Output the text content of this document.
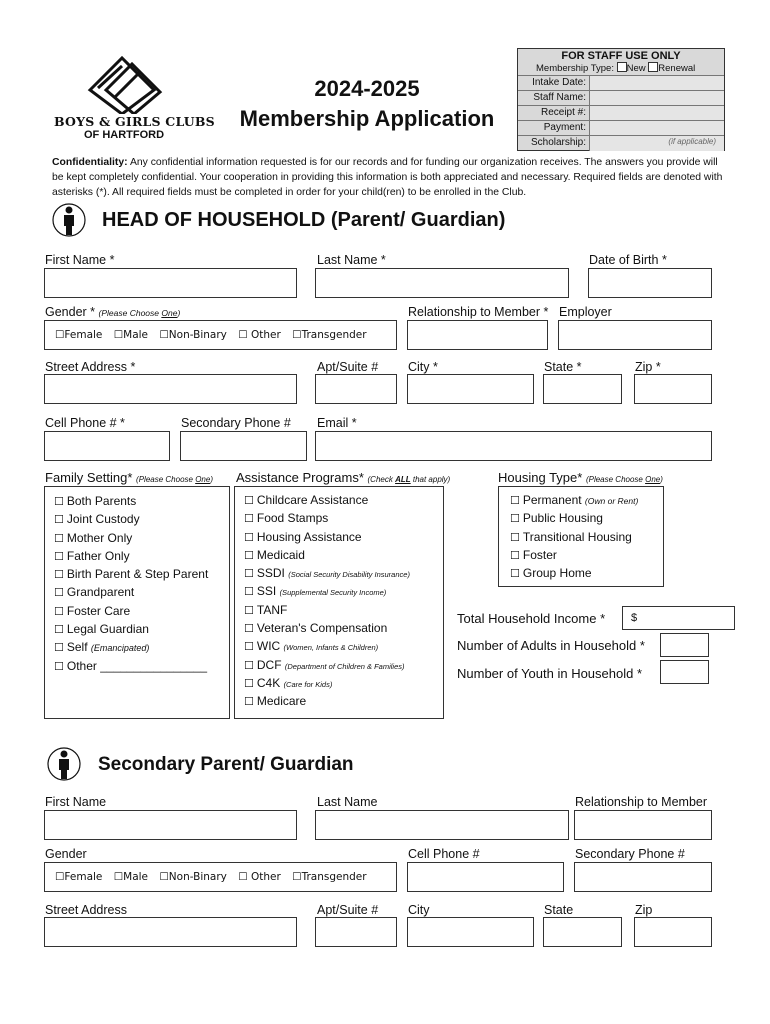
BOYS & GIRLS CLUBS
OF HARTFORD
2024-2025
Membership Application
FOR STAFF USE ONLY
Membership Type: New Renewal
Intake Date:
Staff Name:
Receipt #:
Payment:
Scholarship:	(if applicable)
Confidentiality: Any confidential information requested is for our records and for funding our organization receives. The answers you provide will be kept completely confidential. Your cooperation in providing this information is both appreciated and necessary. Required fields are denoted with asterisks (*). All required fields must be completed in order for your child(ren) to be enrolled in the Club.
HEAD OF HOUSEHOLD (Parent/ Guardian)
First Name *	Last Name *	Date of Birth *
Gender * (Please Choose One)	Relationship to Member * Employer
☐Female ☐Male ☐Non-Binary ☐ Other ☐Transgender
Street Address *	Apt/Suite # City *	State *	Zip *
Cell Phone # *	Secondary Phone # Email *
Family Setting* (Please Choose One)
☐ Both Parents
☐ Joint Custody
☐ Mother Only
☐ Father Only
☐ Birth Parent & Step Parent
☐ Grandparent
☐ Foster Care
☐ Legal Guardian
☐ Self (Emancipated)
☐ Other ________________
Assistance Programs* (Check ALL that apply)
☐ Childcare Assistance
☐ Food Stamps
☐ Housing Assistance
☐ Medicaid
☐ SSDI (Social Security Disability Insurance)
☐ SSI (Supplemental Security Income)
☐ TANF
☐ Veteran's Compensation
☐ WIC (Women, Infants & Children)
☐ DCF (Department of Children & Families)
☐ C4K (Care for Kids)
☐ Medicare
Housing Type* (Please Choose One)
☐ Permanent (Own or Rent)
☐ Public Housing
☐ Transitional Housing
☐ Foster
☐ Group Home
Total Household Income * $
Number of Adults in Household *
Number of Youth in Household *
Secondary Parent/ Guardian
First Name	Last Name	Relationship to Member
Gender	Cell Phone #	Secondary Phone #
☐Female ☐Male ☐Non-Binary ☐ Other ☐Transgender
Street Address	Apt/Suite # City	State	Zip
